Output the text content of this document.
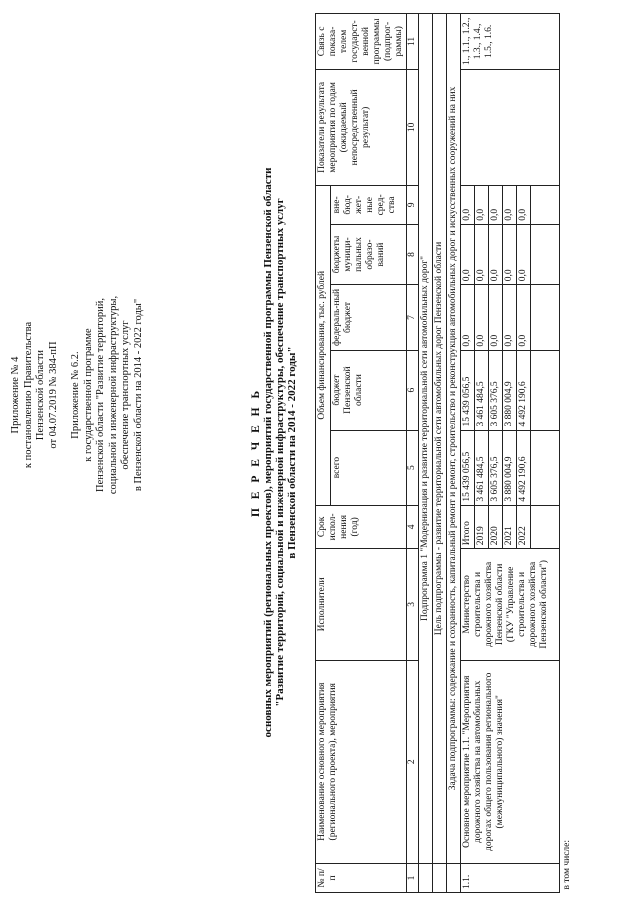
Приложение № 4 к постановлению Правительства Пензенской области от 04.07.2019 № 384-пП Приложение № 6.2. к государственной программе Пензенской области "Развитие территорий, социальной и инженерной инфраструктуры, обеспечение транспортных услуг в Пензенской области на 2014 - 2022 годы"	П Е Р Е Ч Е Н Ь основных мероприятий (региональных проектов), мероприятий государственной программы Пензенской области "Развитие территорий, социальной и инженерной инфраструктуры, обеспечение транспортных услуг в Пензенской области на 2014 - 2022 годы"
№ п/п	Наименование основного мероприятия (регионального проекта), мероприятия	Исполнители	Срок испол-нения (год)	Объем финансирования, тыс. рублей					Показатели результата мероприятия по годам (ожидаемый непосредственный результат)	Связь с показа-телем государст-венной программы (подпрог-раммы)
				всего	бюджет Пензенской области	федераль-ный бюджет	бюджеты муници-пальных образо-ваний	вне-бюд-жет-ные сред-ства		
1	2	3	4	5	6	7	8	9	10	11
	Подпрограмма 1 "Модернизация и развитие территориальной сети автомобильных дорог"									
	Цель подпрограммы - развитие территориальной сети автомобильных дорог Пензенской области									
	Задача подпрограммы: содержание и сохранность, капитальный ремонт и ремонт, строительство и реконструкция автомобильных дорог и искусственных сооружений на них									
1.1.	Основное мероприятие 1.1. "Мероприятия дорожного хозяйства на автомобильных дорогах общего пользования регионального (межмуниципального) значения"	Министерство строительства и дорожного хозяйства Пензенской области (ГКУ "Управление строительства и дорожного хозяйства Пензенской области")	Итого	15 439 056,5	15 439 056,5	0,0	0,0	0,0		1., 1.1., 1.2., 1.3., 1.4., 1.5., 1.6.
			2019	3 461 484,5	3 461 484,5	0,0	0,0	0,0		
			2020	3 605 376,5	3 605 376,5	0,0	0,0	0,0		
			2021	3 880 004,9	3 880 004,9	0,0	0,0	0,0		
			2022	4 492 190,6	4 492 190,6	0,0	0,0	0,0		

в том числе:										
